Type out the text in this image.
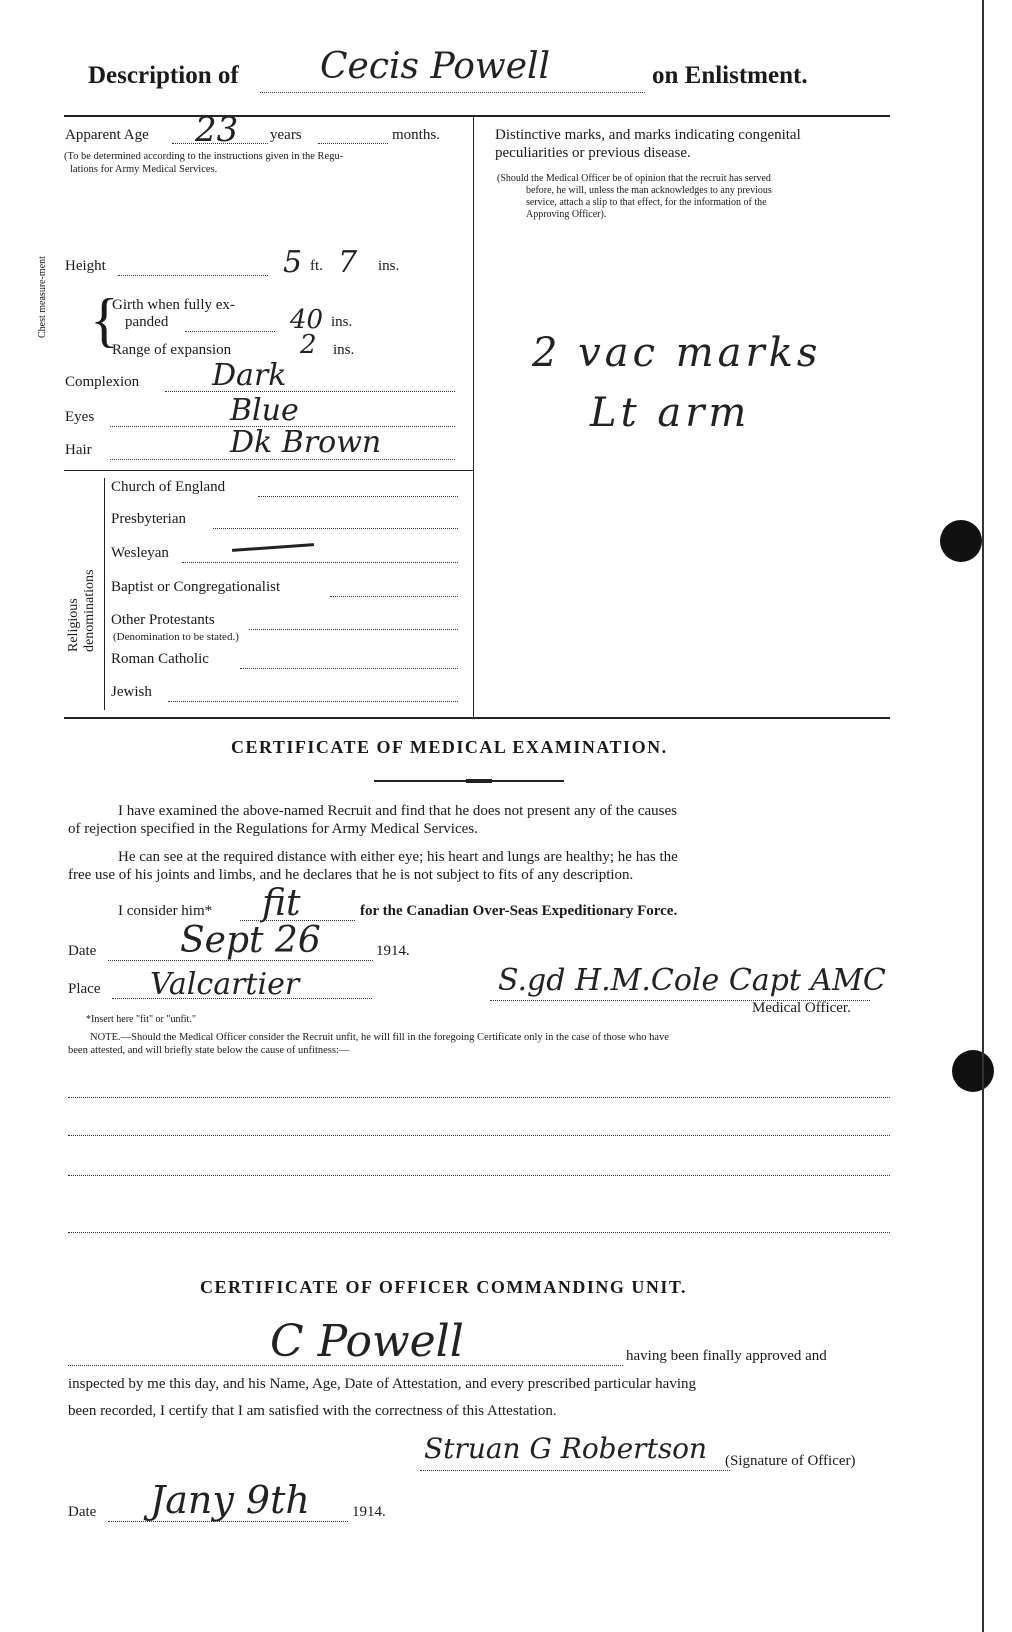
Description of Cecis Powell	on Enlistment.
Apparent Age 23 years	months.
(To be determined according to the instructions given in the Regu-
lations for Army Medical Services.
Height	5 ft. 7 ins.
Chest measure-ment {
Girth when fully ex-
panded	40 ins.
Range of expansion	2 ins.
Complexion Dark
Eyes	Blue
Hair	Dk Brown
Religious denominations
Church of England
Presbyterian
Wesleyan
Baptist or Congregationalist
Other Protestants
(Denomination to be stated.)
Roman Catholic
Jewish
Distinctive marks, and marks indicating congenital
peculiarities or previous disease.
(Should the Medical Officer be of opinion that the recruit has served
before, he will, unless the man acknowledges to any previous
service, attach a slip to that effect, for the information of the
Approving Officer).
2 vac marks
Lt arm
CERTIFICATE OF MEDICAL EXAMINATION.
I have examined the above-named Recruit and find that he does not present any of the causes
of rejection specified in the Regulations for Army Medical Services.
He can see at the required distance with either eye; his heart and lungs are healthy; he has the
free use of his joints and limbs, and he declares that he is not subject to fits of any description.
I consider him* fit	for the Canadian Over-Seas Expeditionary Force.
Date Sept 26	1914.
Place Valcartier	S.gd H.M.Cole Capt AMC
Medical Officer.
*Insert here "fit" or "unfit."
NOTE.—Should the Medical Officer consider the Recruit unfit, he will fill in the foregoing Certificate only in the case of those who have
been attested, and will briefly state below the cause of unfitness:—
CERTIFICATE OF OFFICER COMMANDING UNIT.
C Powell	having been finally approved and
inspected by me this day, and his Name, Age, Date of Attestation, and every prescribed particular having
been recorded, I certify that I am satisfied with the correctness of this Attestation.
Struan G Robertson (Signature of Officer)
Date Jany 9th	1914.
